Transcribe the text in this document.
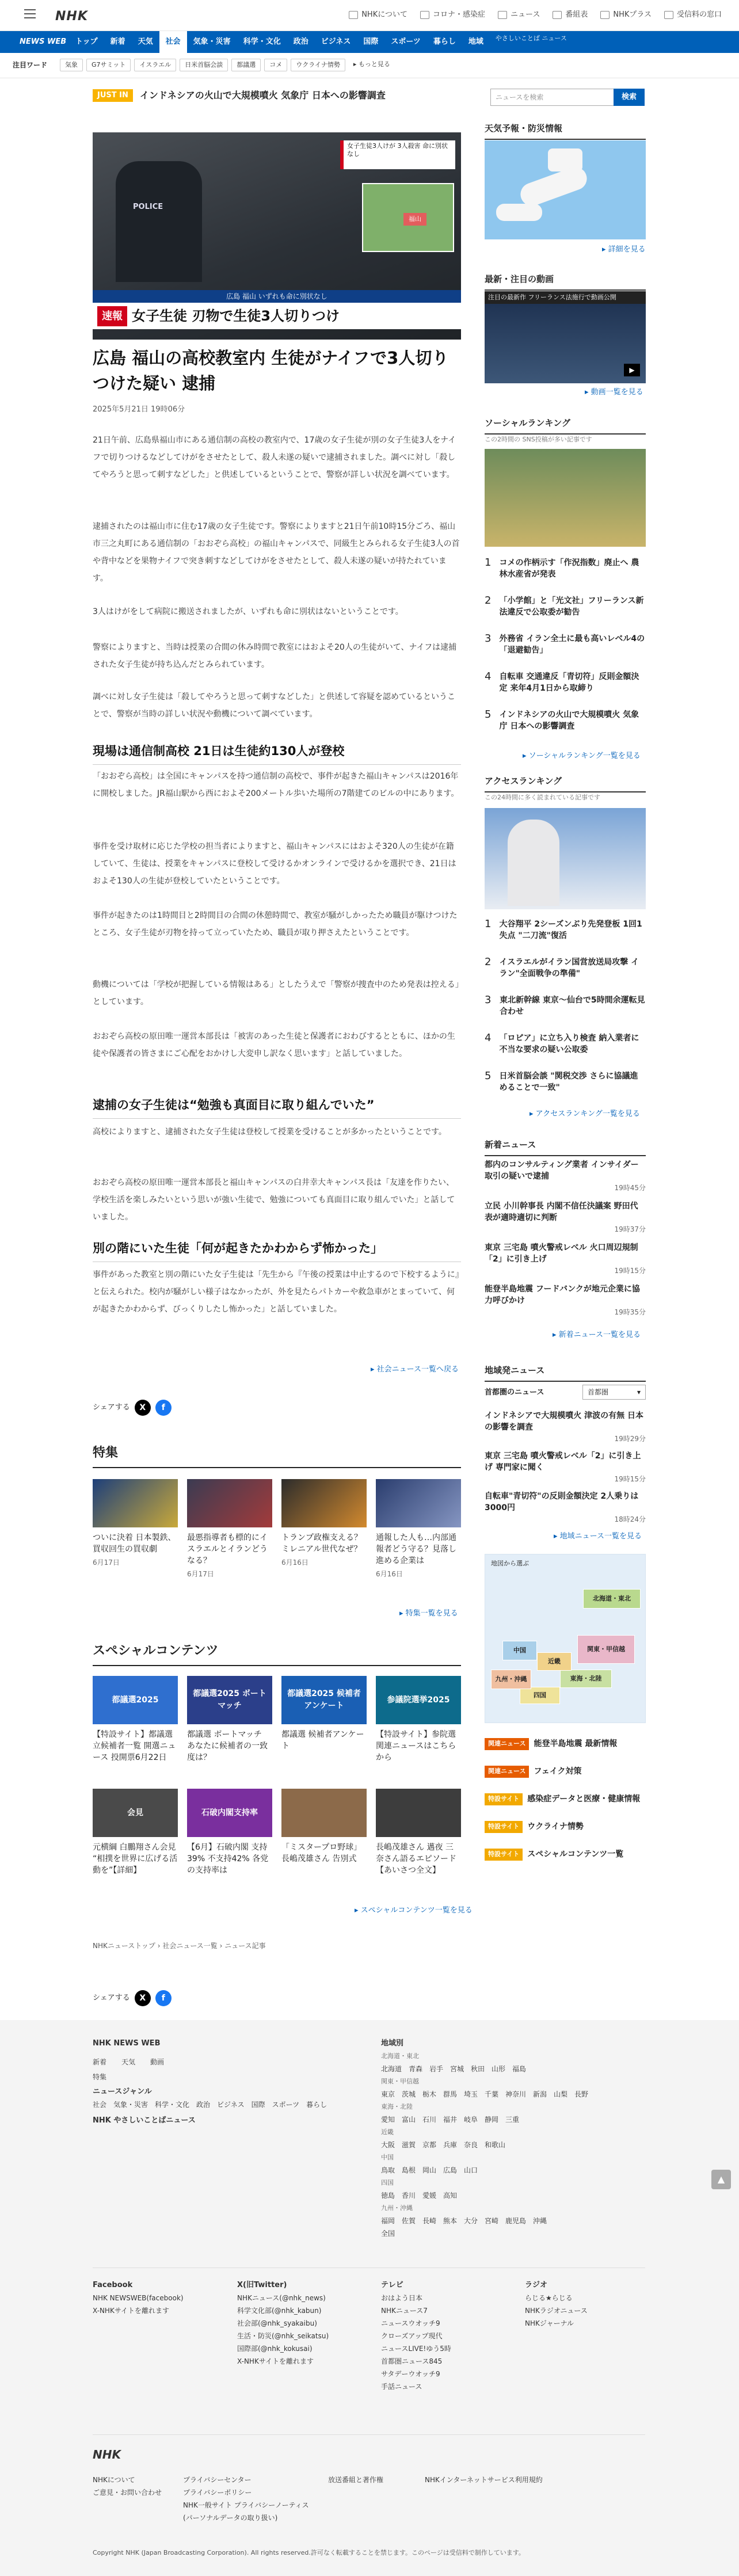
NHK	NHKについて	コロナ・感染症	ニュース	番組表	NHKプラス	受信料の窓口
NEWS WEB	トップ	新着	天気	社会	気象・災害	科学・文化	政治	ビジネス	国際	スポーツ	暮らし	地域	やさしいことば ニュース
注目ワード	気象	G7サミット	イスラエル	日米首脳会談	都議選	コメ	ウクライナ情勢	▸ もっと見る
JUST IN	インドネシアの火山で大規模噴火 気象庁 日本への影響調査	ニュースを検索	検索
POLICE
女子生徒3人けが 3人殺害 命に別状なし
福山
広島 福山 いずれも命に別状なし
速報 女子生徒 刃物で生徒3人切りつけ
広島 福山の高校教室内 生徒がナイフで3人切りつけた疑い 逮捕
2025年5月21日 19時06分

21日午前、広島県福山市にある通信制の高校の教室内で、17歳の女子生徒が別の女子生徒3人をナイフで切りつけるなどしてけがをさせたとして、殺人未遂の疑いで逮捕されました。調べに対し「殺してやろうと思って刺すなどした」と供述しているということで、警察が詳しい状況を調べています。

逮捕されたのは福山市に住む17歳の女子生徒です。警察によりますと21日午前10時15分ごろ、福山市三之丸町にある通信制の「おおぞら高校」の福山キャンパスで、同級生とみられる女子生徒3人の首や背中などを果物ナイフで突き刺すなどしてけがをさせたとして、殺人未遂の疑いが持たれています。

3人はけがをして病院に搬送されましたが、いずれも命に別状はないということです。

警察によりますと、当時は授業の合間の休み時間で教室にはおよそ20人の生徒がいて、ナイフは逮捕された女子生徒が持ち込んだとみられています。

調べに対し女子生徒は「殺してやろうと思って刺すなどした」と供述して容疑を認めているということで、警察が当時の詳しい状況や動機について調べています。

現場は通信制高校 21日は生徒約130人が登校

「おおぞら高校」は全国にキャンパスを持つ通信制の高校で、事件が起きた福山キャンパスは2016年に開校しました。JR福山駅から西におよそ200メートル歩いた場所の7階建てのビルの中にあります。

事件を受け取材に応じた学校の担当者によりますと、福山キャンパスにはおよそ320人の生徒が在籍していて、生徒は、授業をキャンパスに登校して受けるかオンラインで受けるかを選択でき、21日はおよそ130人の生徒が登校していたということです。

事件が起きたのは1時間目と2時間目の合間の休憩時間で、教室が騒がしかったため職員が駆けつけたところ、女子生徒が刃物を持って立っていたため、職員が取り押さえたということです。

動機については「学校が把握している情報はある」としたうえで「警察が捜査中のため発表は控える」としています。

おおぞら高校の原田唯一運営本部長は「被害のあった生徒と保護者におわびするとともに、ほかの生徒や保護者の皆さまにご心配をおかけし大変申し訳なく思います」と話していました。

逮捕の女子生徒は“勉強も真面目に取り組んでいた”

高校によりますと、逮捕された女子生徒は登校して授業を受けることが多かったということです。

おおぞら高校の原田唯一運営本部長と福山キャンパスの白井幸大キャンパス長は「友達を作りたい、学校生活を楽しみたいという思いが強い生徒で、勉強についても真面目に取り組んでいた」と話していました。

別の階にいた生徒「何が起きたかわからず怖かった」

事件があった教室と別の階にいた女子生徒は「先生から『午後の授業は中止するので下校するように』と伝えられた。校内が騒がしい様子はなかったが、外を見たらパトカーや救急車がとまっていて、何が起きたかわからず、びっくりしたし怖かった」と話していました。

▸ 社会ニュース一覧へ戻る
シェアする	X	f
特集
ついに決着 日本製鉄、買収回生の買収劇
6月17日
最悪指導者も標的にイスラエルとイランどうなる？
6月17日
トランプ政権支える？ミレニアル世代なぜ？
6月16日
通報した人も…内部通報者どう守る？見落し進める企業は
6月16日
▸ 特集一覧を見る
スペシャルコンテンツ
都議選2025
【特設サイト】都議選 立候補者一覧 開選ニュース 投開票6月22日
都議選2025 ボートマッチ
都議選 ボートマッチ あなたに候補者の一致度は？
都議選2025 候補者アンケート
都議選 候補者アンケート
参議院選挙2025
【特設サイト】参院選 関連ニュースはこちらから
会見
元横綱 白鵬翔さん会見 “相撲を世界に広げる活動を”【詳細】
石破内閣支持率
【6月】石破内閣 支持39% 不支持42% 各党の支持率は
「ミスタープロ野球」長嶋茂雄さん 告別式
長嶋茂雄さん 邁夜 三奈さん語るエピソード【あいさつ全文】
▸ スペシャルコンテンツ一覧を見る
NHKニューストップ › 社会ニュース一覧 › ニュース記事
天気予報・防災情報
▸ 詳細を見る
最新・注目の動画
注目の最新作 フリーランス法施行で動画公開
▶
▸ 動画一覧を見る
ソーシャルランキング
この2時間の SNS投稿が多い記事です
1 コメの作柄示す「作況指数」廃止へ 農林水産省が発表
2 「小学館」と「光文社」フリーランス新法違反で公取委が勧告
3 外務省 イラン全土に最も高いレベル4の「退避勧告」
4 自転車 交通違反「青切符」反則金額決定 来年4月1日から取締り
5 インドネシアの火山で大規模噴火 気象庁 日本への影響調査
▸ ソーシャルランキング一覧を見る
アクセスランキング
この24時間に多く読まれている記事です
1 大谷翔平 2シーズンぶり先発登板 1回1失点 "二刀流"復活
2 イスラエルがイラン国営放送局攻撃 イラン"全面戦争の準備"
3 東北新幹線 東京〜仙台で5時間余運転見合わせ
4 「ロピア」に立ち入り検査 納入業者に不当な要求の疑い公取委
5 日米首脳会談 "関税交渉 さらに協議進めることで一致"
▸ アクセスランキング一覧を見る
新着ニュース
都内のコンサルティング業者 インサイダー取引の疑いで逮捕
19時45分
立民 小川幹事長 内閣不信任決議案 野田代表が適時適切に判断
19時37分
東京 三宅島 噴火警戒レベル 火口周辺規制「2」に引き上げ
19時15分
能登半島地震 フードバンクが地元企業に協力呼びかけ
19時35分
▸ 新着ニュース一覧を見る
地域発ニュース
首都圏のニュース	首都圏	▾
インドネシアで大規模噴火 津波の有無 日本の影響を調査
19時29分
東京 三宅島 噴火警戒レベル「2」に引き上げ 専門家に聞く
19時15分
自転車"青切符"の反則金額決定 2人乗りは3000円
18時24分
▸ 地域ニュース一覧を見る
地図から選ぶ
北海道・東北
関東・甲信越
東海・北陸
近畿
中国
四国
九州・沖縄
関連ニュース	能登半島地震 最新情報
関連ニュース	フェイク対策
特設サイト	感染症データと医療・健康情報
特設サイト	ウクライナ情勢
特設サイト	スペシャルコンテンツ一覧
シェアする	X	f
NHK NEWS WEB
新着 天気 動画
特集
ニュースジャンル
社会　気象・災害　科学・文化　政治　ビジネス　国際　スポーツ　暮らし
NHK やさしいことばニュース
地域別
北海道・東北
北海道　青森　岩手　宮城　秋田　山形　福島
関東・甲信越
東京　茨城　栃木　群馬　埼玉　千葉　神奈川　新潟　山梨　長野
東海・北陸
愛知　富山　石川　福井　岐阜　静岡　三重
近畿
大阪　滋賀　京都　兵庫　奈良　和歌山
中国
鳥取　島根　岡山　広島　山口
四国
徳島　香川　愛媛　高知
九州・沖縄
福岡　佐賀　長崎　熊本　大分　宮崎　鹿児島　沖縄
全国
Facebook
NHK NEWSWEB(facebook)
X-NHKサイトを離れます
X(旧Twitter)
NHKニュース(@nhk_news)
科学文化部(@nhk_kabun)
社会部(@nhk_syakaibu)
生活・防災(@nhk_seikatsu)
国際部(@nhk_kokusai)
X-NHKサイトを離れます
テレビ
おはよう日本
NHKニュース7
ニュースウオッチ9
クローズアップ現代
ニュースLIVE!ゆう5時
首都圏ニュース845
サタデーウオッチ9
手話ニュース
ラジオ
らじる★らじる
NHKラジオニュース
NHKジャーナル
NHK
NHKについて
ご意見・お問い合わせ
プライバシーセンター
プライバシーポリシー
NHK一般サイト プライバシーノーティス
(パーソナルデータの取り扱い)
放送番組と著作権	NHKインターネットサービス利用規約
Copyright NHK (Japan Broadcasting Corporation). All rights reserved.許可なく転載することを禁じます。このページは受信料で制作しています。
▲
